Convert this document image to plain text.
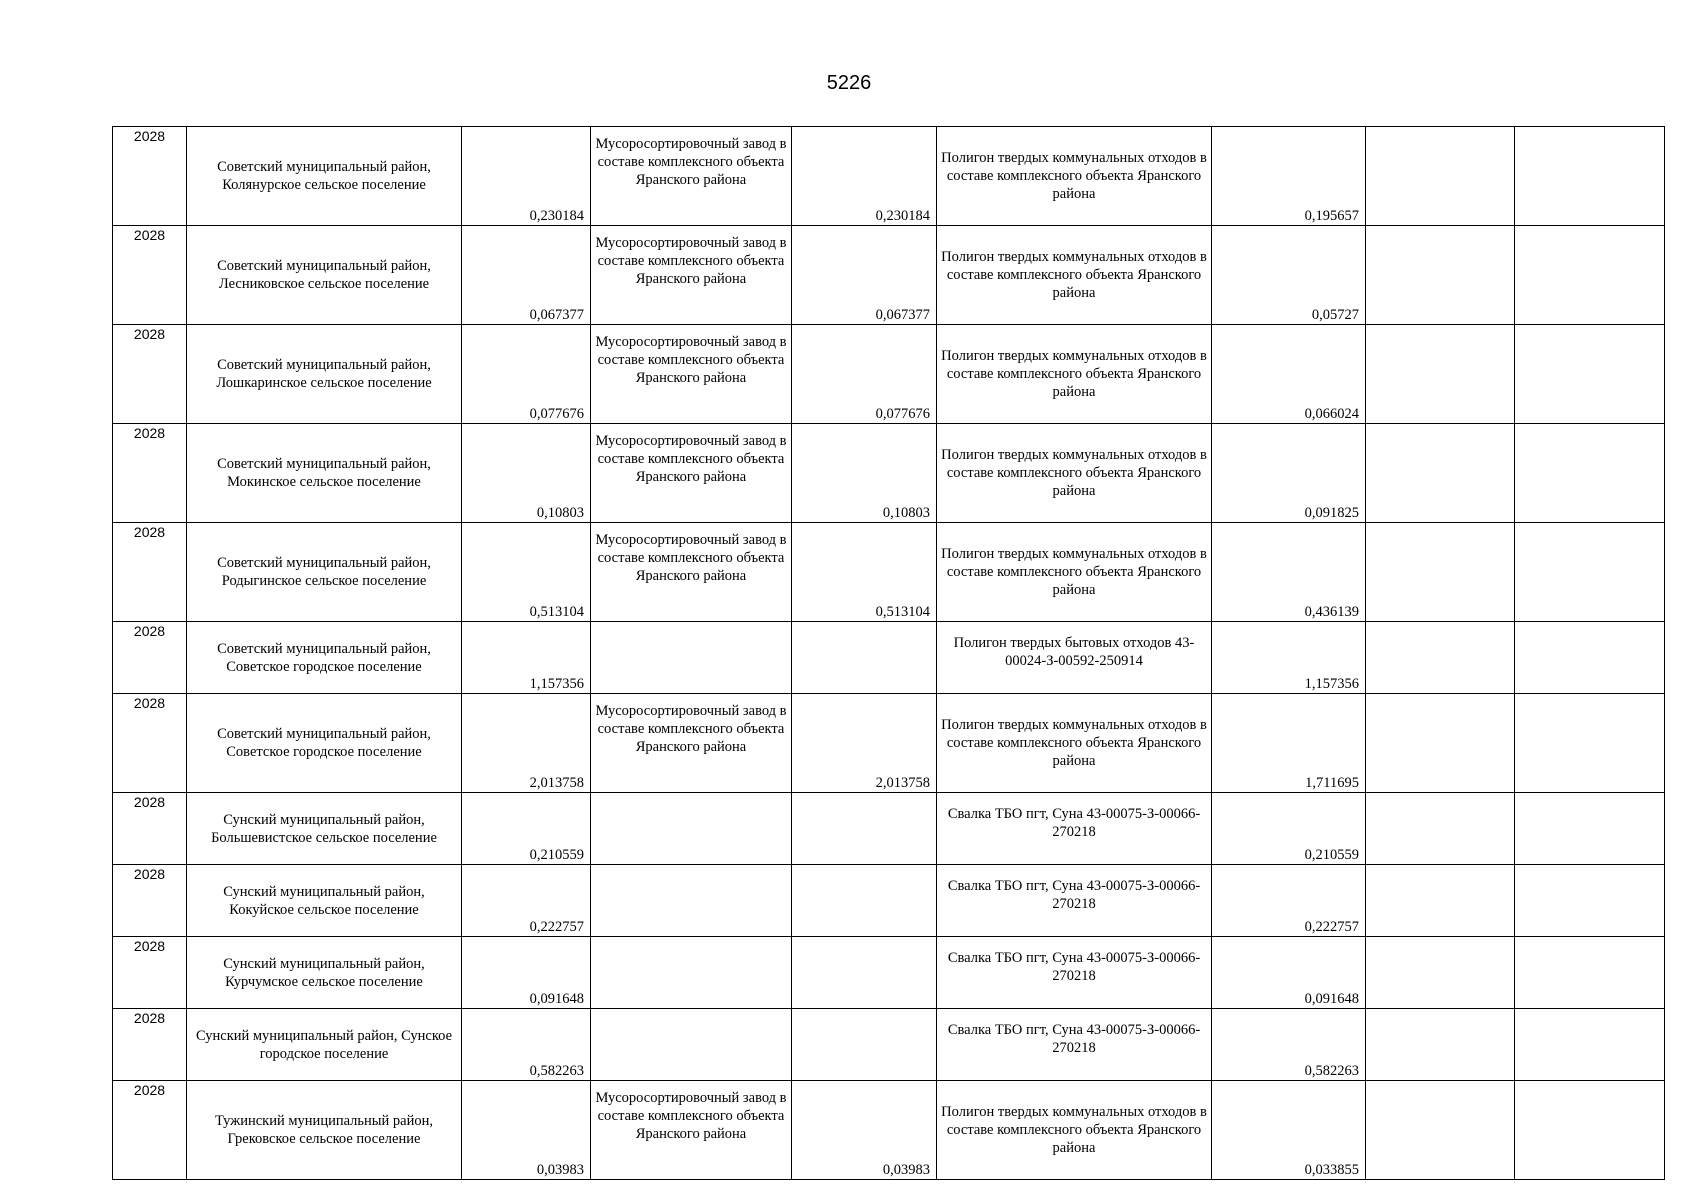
5226
2028	Советский муниципальный район, Колянурское сельское поселение	0,230184	Мусоросортировочный завод в составе комплексного объекта Яранского района	0,230184	Полигон твердых коммунальных отходов в составе комплексного объекта Яранского района	0,195657		
2028	Советский муниципальный район, Лесниковское сельское поселение	0,067377	Мусоросортировочный завод в составе комплексного объекта Яранского района	0,067377	Полигон твердых коммунальных отходов в составе комплексного объекта Яранского района	0,05727		
2028	Советский муниципальный район, Лошкаринское сельское поселение	0,077676	Мусоросортировочный завод в составе комплексного объекта Яранского района	0,077676	Полигон твердых коммунальных отходов в составе комплексного объекта Яранского района	0,066024		
2028	Советский муниципальный район, Мокинское сельское поселение	0,10803	Мусоросортировочный завод в составе комплексного объекта Яранского района	0,10803	Полигон твердых коммунальных отходов в составе комплексного объекта Яранского района	0,091825		
2028	Советский муниципальный район, Родыгинское сельское поселение	0,513104	Мусоросортировочный завод в составе комплексного объекта Яранского района	0,513104	Полигон твердых коммунальных отходов в составе комплексного объекта Яранского района	0,436139		
2028	Советский муниципальный район, Советское городское поселение	1,157356			Полигон твердых бытовых отходов 43-00024-З-00592-250914	1,157356		
2028	Советский муниципальный район, Советское городское поселение	2,013758	Мусоросортировочный завод в составе комплексного объекта Яранского района	2,013758	Полигон твердых коммунальных отходов в составе комплексного объекта Яранского района	1,711695		
2028	Сунский муниципальный район, Большевистское сельское поселение	0,210559			Свалка ТБО пгт, Суна 43-00075-З-00066-270218	0,210559		
2028	Сунский муниципальный район, Кокуйское сельское поселение	0,222757			Свалка ТБО пгт, Суна 43-00075-З-00066-270218	0,222757		
2028	Сунский муниципальный район, Курчумское сельское поселение	0,091648			Свалка ТБО пгт, Суна 43-00075-З-00066-270218	0,091648		
2028	Сунский муниципальный район, Сунское городское поселение	0,582263			Свалка ТБО пгт, Суна 43-00075-З-00066-270218	0,582263		
2028	Тужинский муниципальный район, Грековское сельское поселение	0,03983	Мусоросортировочный завод в составе комплексного объекта Яранского района	0,03983	Полигон твердых коммунальных отходов в составе комплексного объекта Яранского района	0,033855		
